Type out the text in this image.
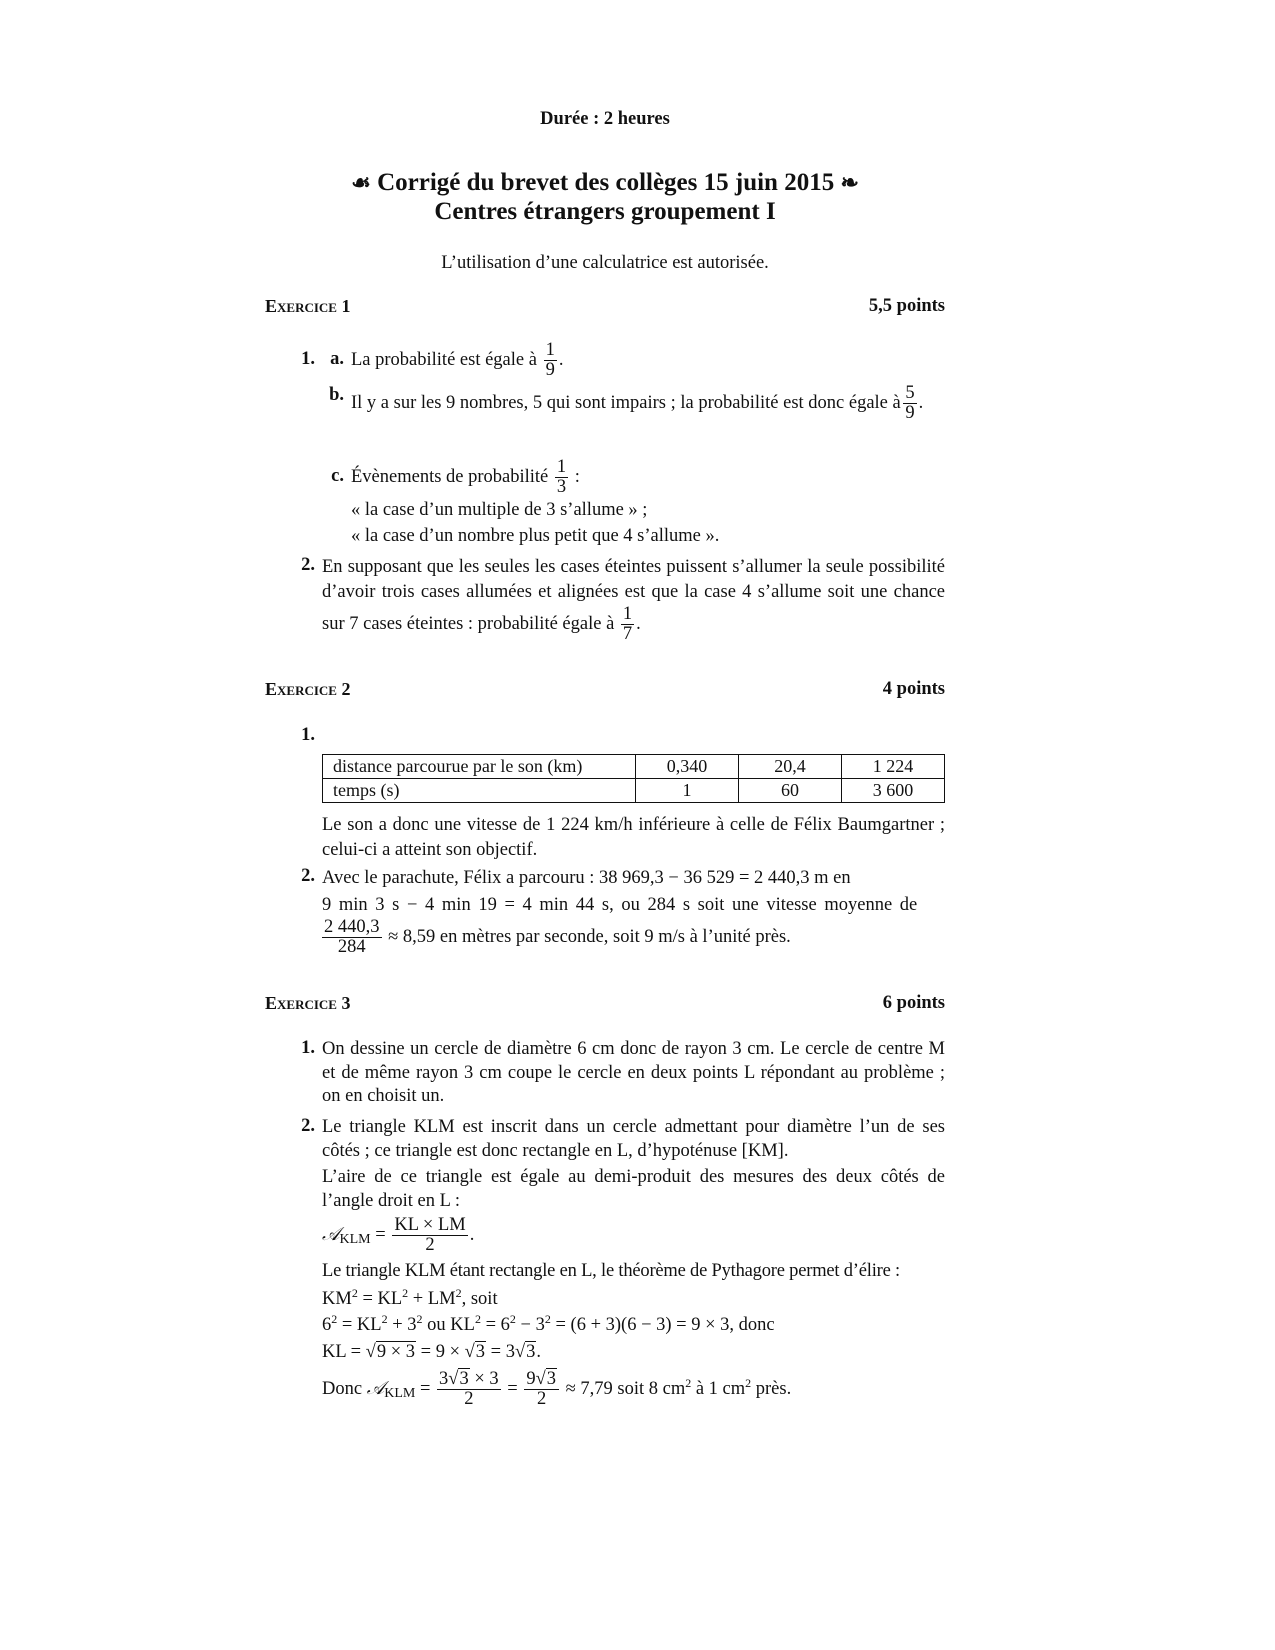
Durée : 2 heures
☙ Corrigé du brevet des collèges 15 juin 2015 ❧
Centres étrangers groupement I
L’utilisation d’une calculatrice est autorisée.
Exercice 1	5,5 points
1. a. La probabilité est égale à $\frac{1}{9}$ .
b. Il y a sur les 9 nombres, 5 qui sont impairs ; la probabilité est donc égale à $\frac{5}{9}$ .
c. Évènements de probabilité $\frac{1}{3}$ :
« la case d’un multiple de 3 s’allume » ;
« la case d’un nombre plus petit que 4 s’allume ».
2. En supposant que les seules les cases éteintes puissent s’allumer la seule possibilité d’avoir trois cases allumées et alignées est que la case 4 s’allume soit une chance sur 7 cases éteintes : probabilité égale à $\frac{1}{7}$ .
Exercice 2	4 points
1.
distance parcourue par le son (km)	0,340	20,4	1 224
temps (s)	1	60	3 600
Le son a donc une vitesse de 1 224 km/h inférieure à celle de Félix Baumgartner ; celui-ci a atteint son objectif.
2. Avec le parachute, Félix a parcouru : 38 969,3 − 36 529 = 2 440,3 m en
9 min 3 s − 4 min 19 = 4 min 44 s, ou 284 s soit une vitesse moyenne de
$\frac{2 440,3}{284} \approx 8,59$ en mètres par seconde, soit 9 m/s à l’unité près.
Exercice 3	6 points
1. On dessine un cercle de diamètre 6 cm donc de rayon 3 cm. Le cercle de centre M et de même rayon 3 cm coupe le cercle en deux points L répondant au problème ; on en choisit un.
2. Le triangle KLM est inscrit dans un cercle admettant pour diamètre l’un de ses côtés ; ce triangle est donc rectangle en L, d’hypoténuse [KM].
L’aire de ce triangle est égale au demi-produit des mesures des deux côtés de l’angle droit en L :
𝒜KLM = $\frac{KL \times LM}{2}$ .
Le triangle KLM étant rectangle en L, le théorème de Pythagore permet d’élire :
$KM^2 = KL^2 + LM^2$, soit
$6^2 = KL^2 + 3^2$ ou $KL^2 = 6^2 - 3^2 = (6 + 3)(6 - 3) = 9 \times 3$, donc
KL = √9 × 3 = 9 × √3 = 3√3.
Donc 𝒜KLM = $\frac{3√3 \times 3}{2} = \frac{9√3}{2} \approx 7,79$ soit 8 $cm^2$ à 1 $cm^2$ près.
